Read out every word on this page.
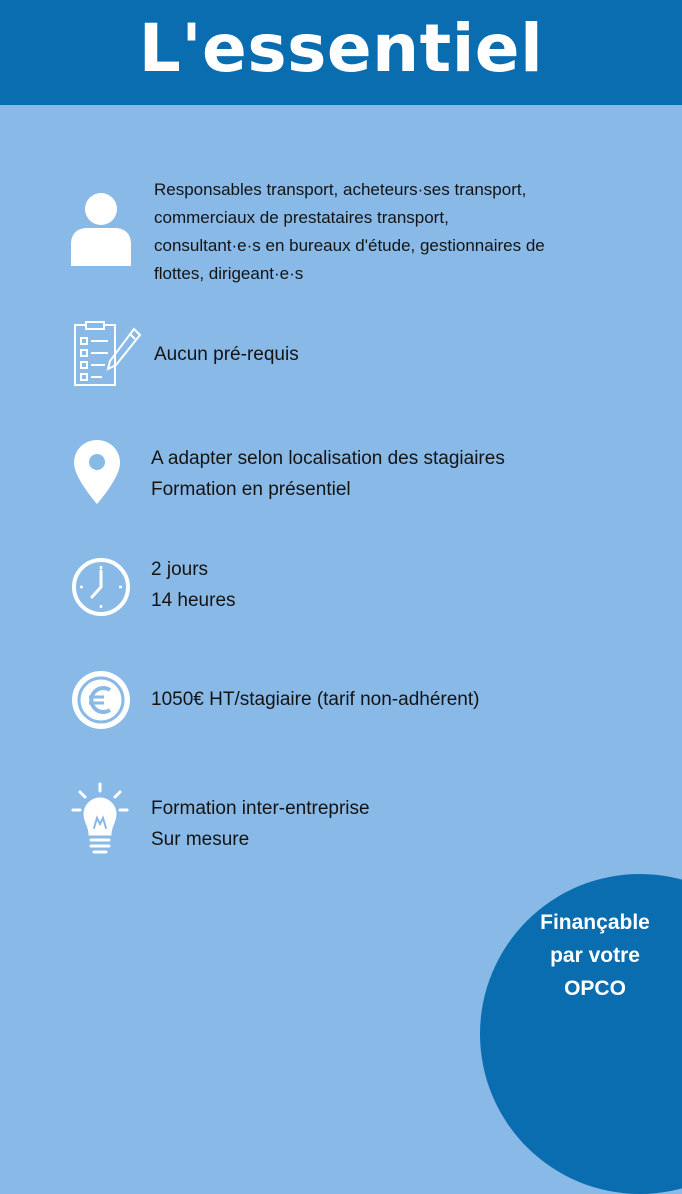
L'essentiel
Responsables transport, acheteurs·ses transport,
commerciaux de prestataires transport,
consultant·e·s en bureaux d'étude, gestionnaires de
flottes, dirigeant·e·s
Aucun pré-requis
A adapter selon localisation des stagiaires
Formation en présentiel
2 jours
14 heures
1050€ HT/stagiaire (tarif non-adhérent)
Formation inter-entreprise
Sur mesure
Finançable
par votre
OPCO
